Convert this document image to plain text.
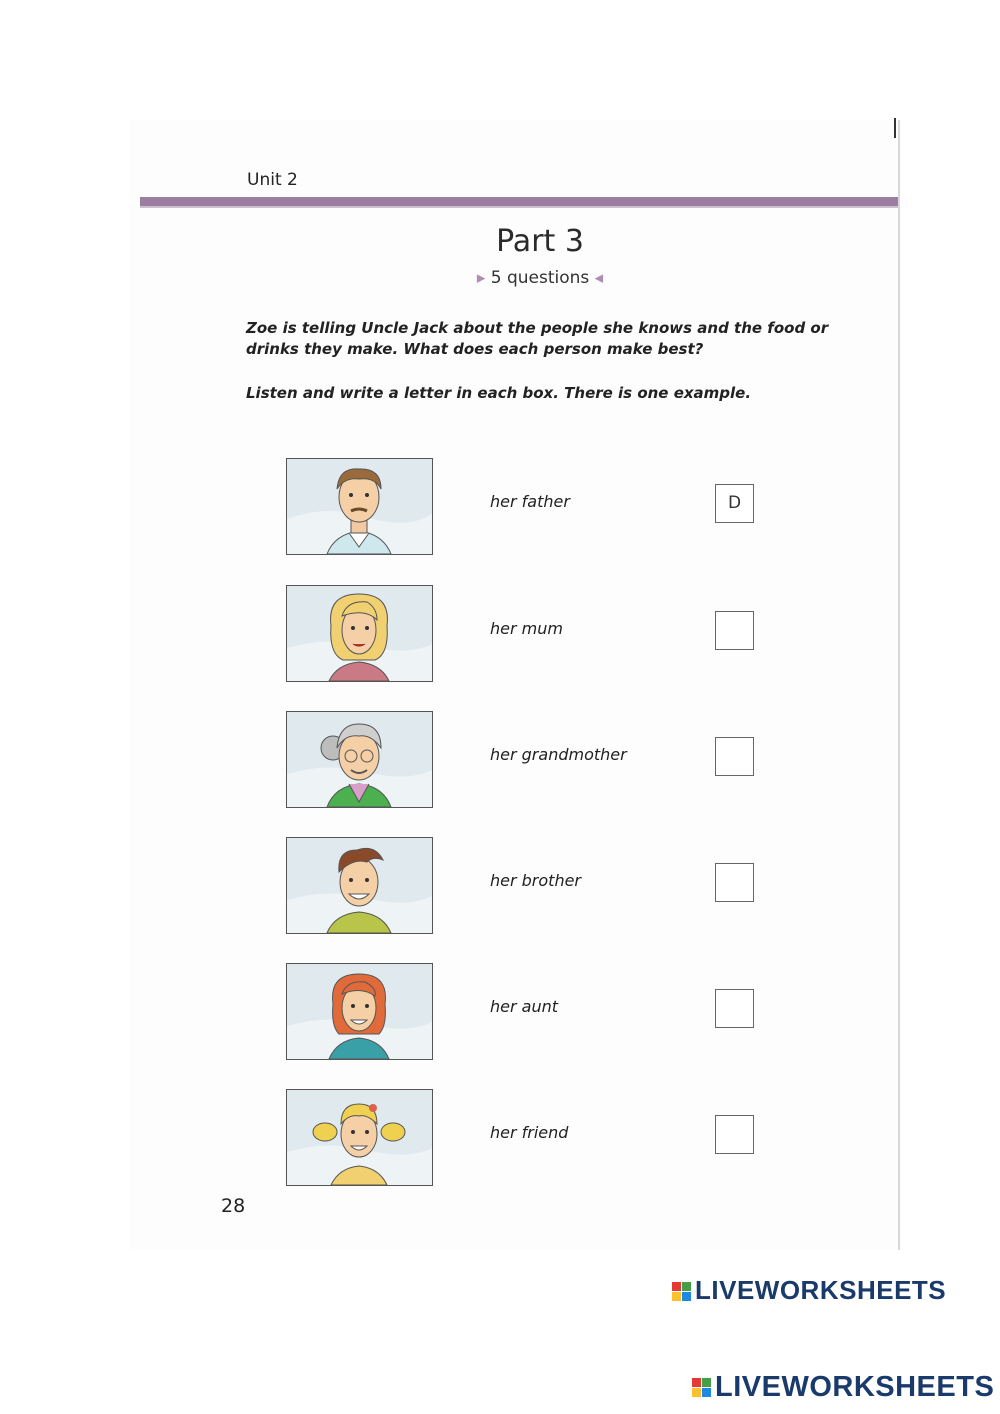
Unit 2
Part 3
▶ 5 questions ◀
Zoe is telling Uncle Jack about the people she knows and the food or drinks they make. What does each person make best?
Listen and write a letter in each box. There is one example.
her father	D
her mum
her grandmother
her brother
her aunt
her friend
28
LIVEWORKSHEETS
LIVEWORKSHEETS
